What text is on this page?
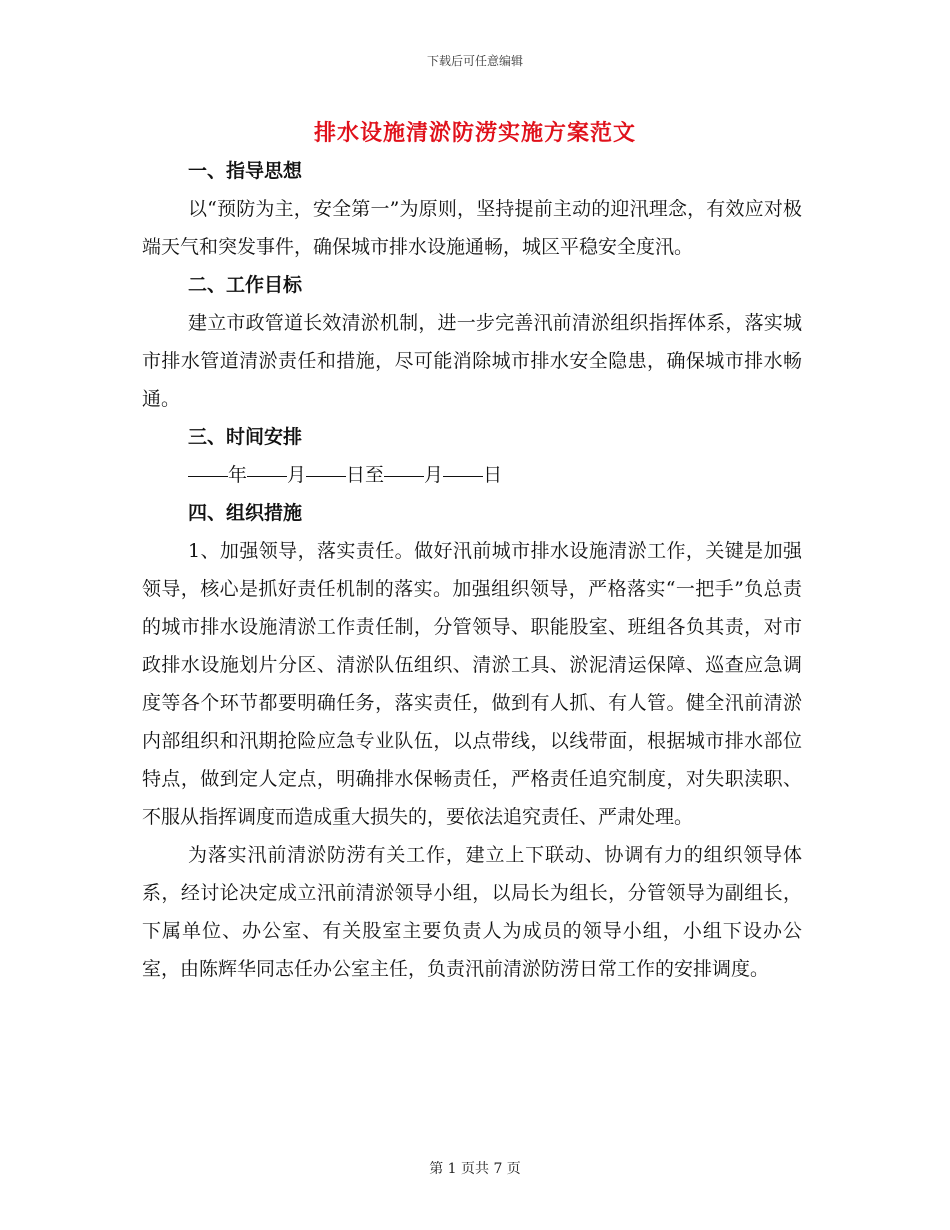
下载后可任意编辑
排水设施清淤防涝实施方案范文
一、指导思想

以“预防为主，安全第一”为原则，坚持提前主动的迎汛理念，有效应对极端天气和突发事件，确保城市排水设施通畅，城区平稳安全度汛。

二、工作目标

建立市政管道长效清淤机制，进一步完善汛前清淤组织指挥体系，落实城市排水管道清淤责任和措施，尽可能消除城市排水安全隐患，确保城市排水畅通。

三、时间安排
年 月 日至 月 日
四、组织措施

1、加强领导，落实责任。做好汛前城市排水设施清淤工作，关键是加强领导，核心是抓好责任机制的落实。加强组织领导，严格落实“一把手”负总责的城市排水设施清淤工作责任制，分管领导、职能股室、班组各负其责，对市政排水设施划片分区、清淤队伍组织、清淤工具、淤泥清运保障、巡查应急调度等各个环节都要明确任务，落实责任，做到有人抓、有人管。健全汛前清淤内部组织和汛期抢险应急专业队伍，以点带线，以线带面，根据城市排水部位特点，做到定人定点，明确排水保畅责任，严格责任追究制度，对失职渎职、不服从指挥调度而造成重大损失的，要依法追究责任、严肃处理。

为落实汛前清淤防涝有关工作，建立上下联动、协调有力的组织领导体系，经讨论决定成立汛前清淤领导小组，以局长为组长，分管领导为副组长，下属单位、办公室、有关股室主要负责人为成员的领导小组，小组下设办公室，由陈辉华同志任办公室主任，负责汛前清淤防涝日常工作的安排调度。

第 1 页共 7 页
